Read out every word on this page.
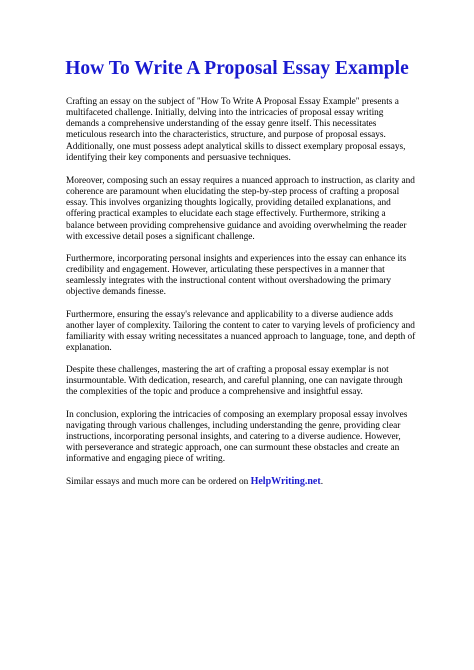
How To Write A Proposal Essay Example

Crafting an essay on the subject of "How To Write A Proposal Essay Example" presents a multifaceted challenge. Initially, delving into the intricacies of proposal essay writing demands a comprehensive understanding of the essay genre itself. This necessitates meticulous research into the characteristics, structure, and purpose of proposal essays. Additionally, one must possess adept analytical skills to dissect exemplary proposal essays, identifying their key components and persuasive techniques.

Moreover, composing such an essay requires a nuanced approach to instruction, as clarity and coherence are paramount when elucidating the step-by-step process of crafting a proposal essay. This involves organizing thoughts logically, providing detailed explanations, and offering practical examples to elucidate each stage effectively. Furthermore, striking a balance between providing comprehensive guidance and avoiding overwhelming the reader with excessive detail poses a significant challenge.

Furthermore, incorporating personal insights and experiences into the essay can enhance its credibility and engagement. However, articulating these perspectives in a manner that seamlessly integrates with the instructional content without overshadowing the primary objective demands finesse.

Furthermore, ensuring the essay's relevance and applicability to a diverse audience adds another layer of complexity. Tailoring the content to cater to varying levels of proficiency and familiarity with essay writing necessitates a nuanced approach to language, tone, and depth of explanation.

Despite these challenges, mastering the art of crafting a proposal essay exemplar is not insurmountable. With dedication, research, and careful planning, one can navigate through the complexities of the topic and produce a comprehensive and insightful essay.

In conclusion, exploring the intricacies of composing an exemplary proposal essay involves navigating through various challenges, including understanding the genre, providing clear instructions, incorporating personal insights, and catering to a diverse audience. However, with perseverance and strategic approach, one can surmount these obstacles and create an informative and engaging piece of writing.

Similar essays and much more can be ordered on HelpWriting.net.
